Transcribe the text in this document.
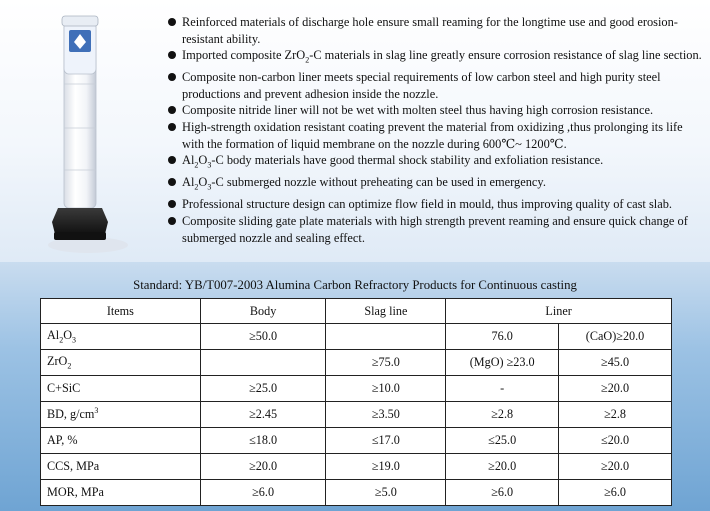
Reinforced materials of discharge hole ensure small reaming for the longtime use and good erosion-resistant ability.
Imported composite ZrO$_2$-C materials in slag line greatly ensure corrosion resistance of slag line section.
Composite non-carbon liner meets special requirements of low carbon steel and high purity steel productions and prevent adhesion inside the nozzle.
Composite nitride liner will not be wet with molten steel thus having high corrosion resistance.
High-strength oxidation resistant coating prevent the material from oxidizing ,thus prolonging its life with the formation of liquid membrane on the nozzle during 600℃~ 1200℃.
$Al_2O_3-C$ body materials have good thermal shock stability and exfoliation resistance.
$Al_2O_3-C$ submerged nozzle without preheating can be used in emergency.
Professional structure design can optimize flow field in mould, thus improving quality of cast slab.
Composite sliding gate plate materials with high strength prevent reaming and ensure quick change of submerged nozzle and sealing effect.
Standard: YB/T007-2003 Alumina Carbon Refractory Products for Continuous casting
Items	Body	Slag line	Liner	
$Al_2O_3$	≥50.0		76.0	(CaO)≥20.0
ZrO$_2$		≥75.0	(MgO) ≥23.0	≥45.0
C+SiC	≥25.0	≥10.0	-	≥20.0
BD, $g/cm^3$	≥2.45	≥3.50	≥2.8	≥2.8
AP, %	≤18.0	≤17.0	≤25.0	≤20.0
CCS, MPa	≥20.0	≥19.0	≥20.0	≥20.0
MOR, MPa	≥6.0	≥5.0	≥6.0	≥6.0
